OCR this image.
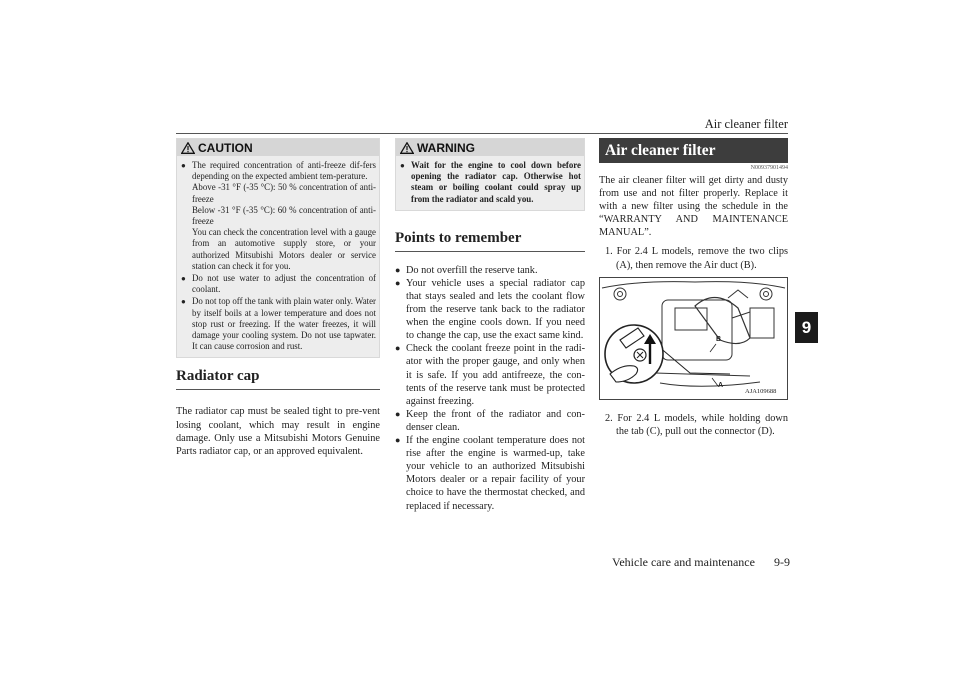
Air cleaner filter
9
CAUTION
● The required concentration of anti-freeze dif-fers depending on the expected ambient tem-perature.
Above -31 °F (-35 °C): 50 % concentration of anti-freeze
Below -31 °F (-35 °C): 60 % concentration of anti-freeze
You can check the concentration level with a gauge from an automotive supply store, or your authorized Mitsubishi Motors dealer or service station can check it for you.
● Do not use water to adjust the concentration of coolant.
● Do not top off the tank with plain water only. Water by itself boils at a lower temperature and does not stop rust or freezing. If the water freezes, it will damage your cooling system. Do not use tapwater. It can cause corrosion and rust.
Radiator cap
The radiator cap must be sealed tight to pre-vent losing coolant, which may result in engine damage. Only use a Mitsubishi Motors Genuine Parts radiator cap, or an approved equivalent.
WARNING
● Wait for the engine to cool down before opening the radiator cap. Otherwise hot steam or boiling coolant could spray up from the radiator and scald you.
Points to remember
● Do not overfill the reserve tank.
● Your vehicle uses a special radiator cap that stays sealed and lets the coolant flow from the reserve tank back to the radiator when the engine cools down. If you need to change the cap, use the exact same kind.
● Check the coolant freeze point in the radi-ator with the proper gauge, and only when it is safe. If you add antifreeze, the con-tents of the reserve tank must be protected against freezing.
● Keep the front of the radiator and con-denser clean.
● If the engine coolant temperature does not rise after the engine is warmed-up, take your vehicle to an authorized Mitsubishi Motors dealer or a repair facility of your choice to have the thermostat checked, and replaced if necessary.
Air cleaner filter
N00937901494
The air cleaner filter will get dirty and dusty from use and not filter properly. Replace it with a new filter using the schedule in the “WARRANTY AND MAINTENANCE MANUAL”.
1. For 2.4 L models, remove the two clips (A), then remove the Air duct (B).
B
A
AJA109688
2. For 2.4 L models, while holding down the tab (C), pull out the connector (D).
Vehicle care and maintenance	9-9
